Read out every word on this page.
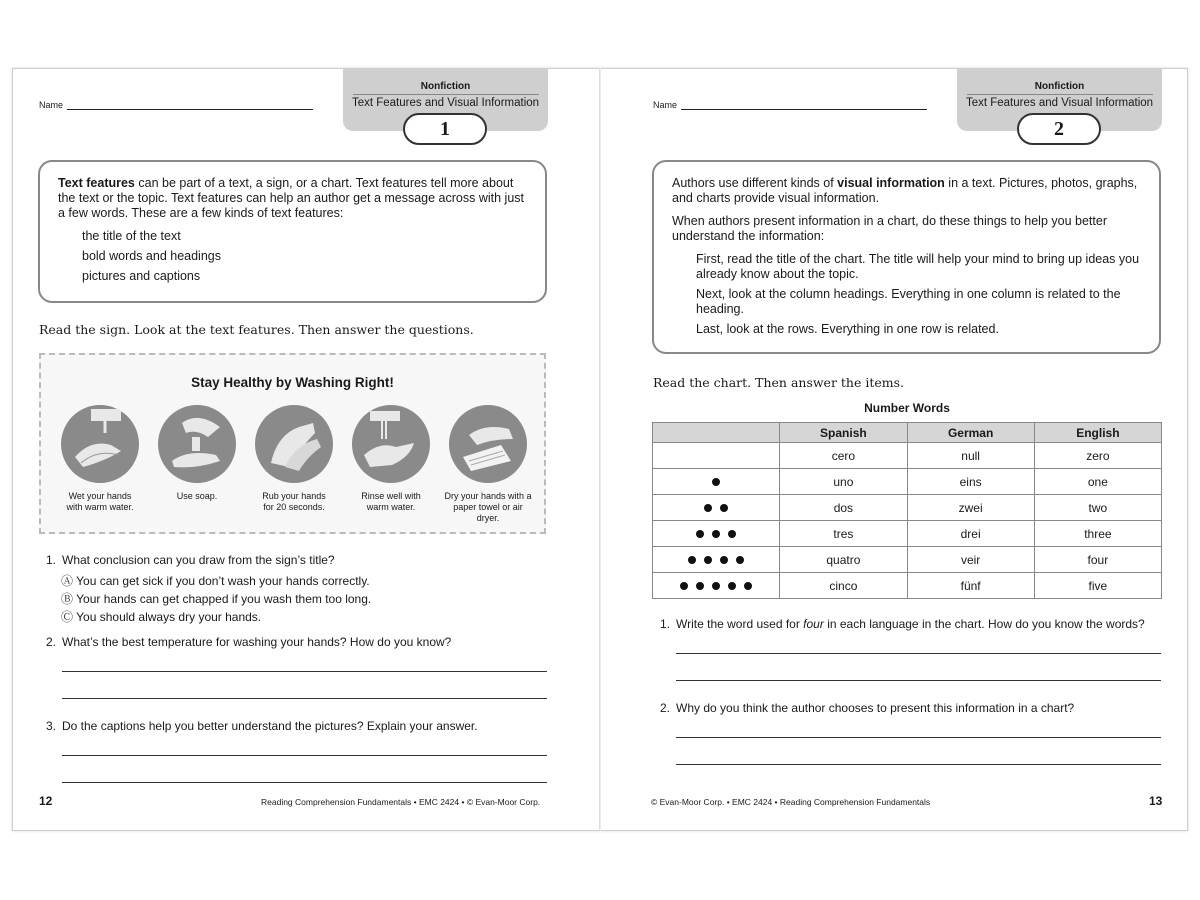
Name
Nonfiction
Text Features and Visual Information
1

Text features can be part of a text, a sign, or a chart. Text features tell more about the text or the topic. Text features can help an author get a message across with just a few words. These are a few kinds of text features:

the title of the text
bold words and headings
pictures and captions
Read the sign. Look at the text features. Then answer the questions.
Stay Healthy by Washing Right!
Wet your hands
with warm water.
Use soap.	Rub your hands
for 20 seconds.
Rinse well with
warm water.
Dry your hands with a
paper towel or air dryer.
1. What conclusion can you draw from the sign’s title?
Ⓐ You can get sick if you don’t wash your hands correctly.
Ⓑ Your hands can get chapped if you wash them too long.
Ⓒ You should always dry your hands.
2. What’s the best temperature for washing your hands? How do you know?
3. Do the captions help you better understand the pictures? Explain your answer.
12	Reading Comprehension Fundamentals • EMC 2424 • © Evan-Moor Corp.
Name
Nonfiction
Text Features and Visual Information
2

Authors use different kinds of visual information in a text. Pictures, photos, graphs, and charts provide visual information.

When authors present information in a chart, do these things to help you better understand the information:

First, read the title of the chart. The title will help your mind to bring up ideas you already know about the topic.
Next, look at the column headings. Everything in one column is related to the heading.
Last, look at the rows. Everything in one row is related.
Read the chart. Then answer the items.
1. Write the word used for four in each language in the chart. How do you know the words?
2. Why do you think the author chooses to present this information in a chart?
© Evan-Moor Corp. • EMC 2424 • Reading Comprehension Fundamentals	13
Number Words
	Spanish	German	English
	cero	null	zero
	uno	eins	one
	dos	zwei	two
	tres	drei	three
	quatro	veir	four
	cinco	fünf	five
